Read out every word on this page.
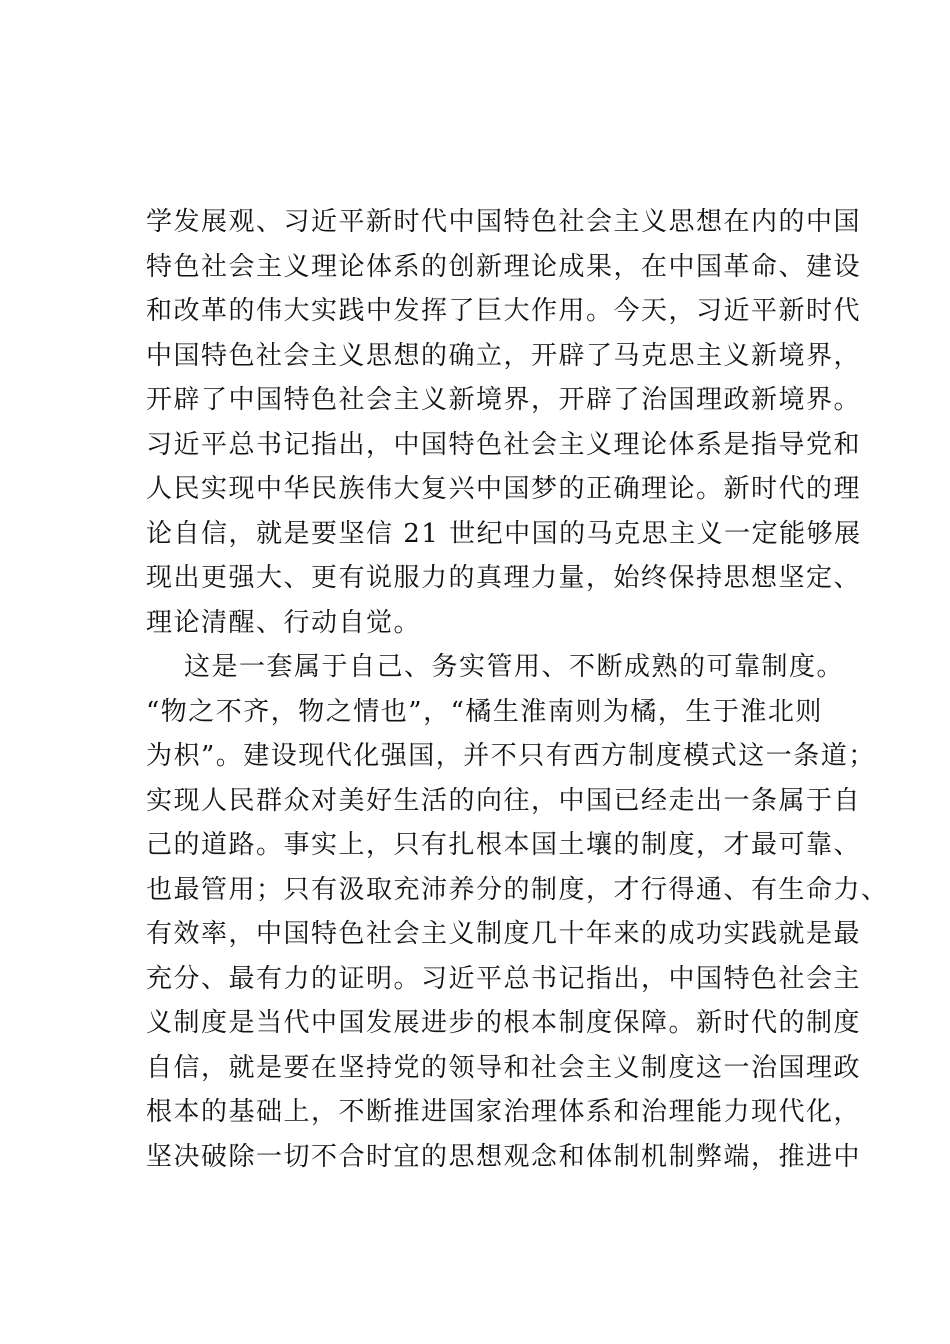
学发展观、习近平新时代中国特色社会主义思想在内的中国
特色社会主义理论体系的创新理论成果，在中国革命、建设
和改革的伟大实践中发挥了巨大作用。今天，习近平新时代
中国特色社会主义思想的确立，开辟了马克思主义新境界，
开辟了中国特色社会主义新境界，开辟了治国理政新境界。
习近平总书记指出，中国特色社会主义理论体系是指导党和
人民实现中华民族伟大复兴中国梦的正确理论。新时代的理
论自信，就是要坚信 21 世纪中国的马克思主义一定能够展
现出更强大、更有说服力的真理力量，始终保持思想坚定、
理论清醒、行动自觉。
这是一套属于自己、务实管用、不断成熟的可靠制度。
“物之不齐，物之情也”，“橘生淮南则为橘，生于淮北则
为枳”。建设现代化强国，并不只有西方制度模式这一条道；
实现人民群众对美好生活的向往，中国已经走出一条属于自
己的道路。事实上，只有扎根本国土壤的制度，才最可靠、
也最管用；只有汲取充沛养分的制度，才行得通、有生命力、
有效率，中国特色社会主义制度几十年来的成功实践就是最
充分、最有力的证明。习近平总书记指出，中国特色社会主
义制度是当代中国发展进步的根本制度保障。新时代的制度
自信，就是要在坚持党的领导和社会主义制度这一治国理政
根本的基础上，不断推进国家治理体系和治理能力现代化，
坚决破除一切不合时宜的思想观念和体制机制弊端，推进中
